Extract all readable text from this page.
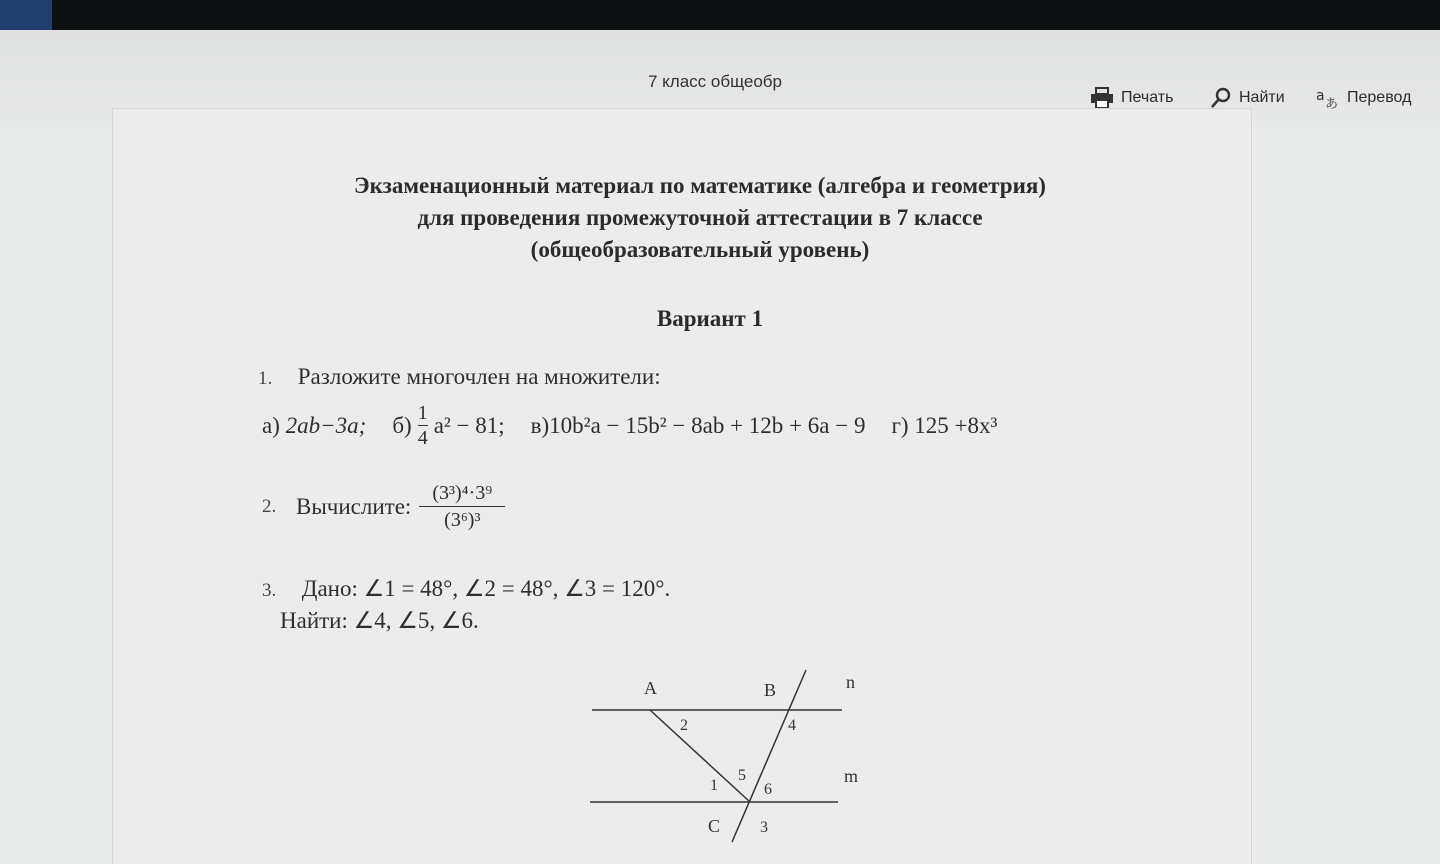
7 класс общеобр
Печать	Найти a
あ Перевод
Экзаменационный материал по математике (алгебра и геометрия)
для проведения промежуточной аттестации в 7 классе
(общеобразовательный уровень)
Вариант 1
1. Разложите многочлен на множители:
а)
2ab−3a; $б) \frac{1}{4} a^2 - 81$; в)10b²a − 15b² − 8ab + 12b + 6a − 9 г) 125 +8x³
2. Вычислите:
(3³)⁴·3⁹
(3⁶)³
3. Дано: ∠1 = 48°, ∠2 = 48°, ∠3 = 120°.
Найти: ∠4, ∠5, ∠6.
A	B
C
n
m
1
2
3
4
5
6
